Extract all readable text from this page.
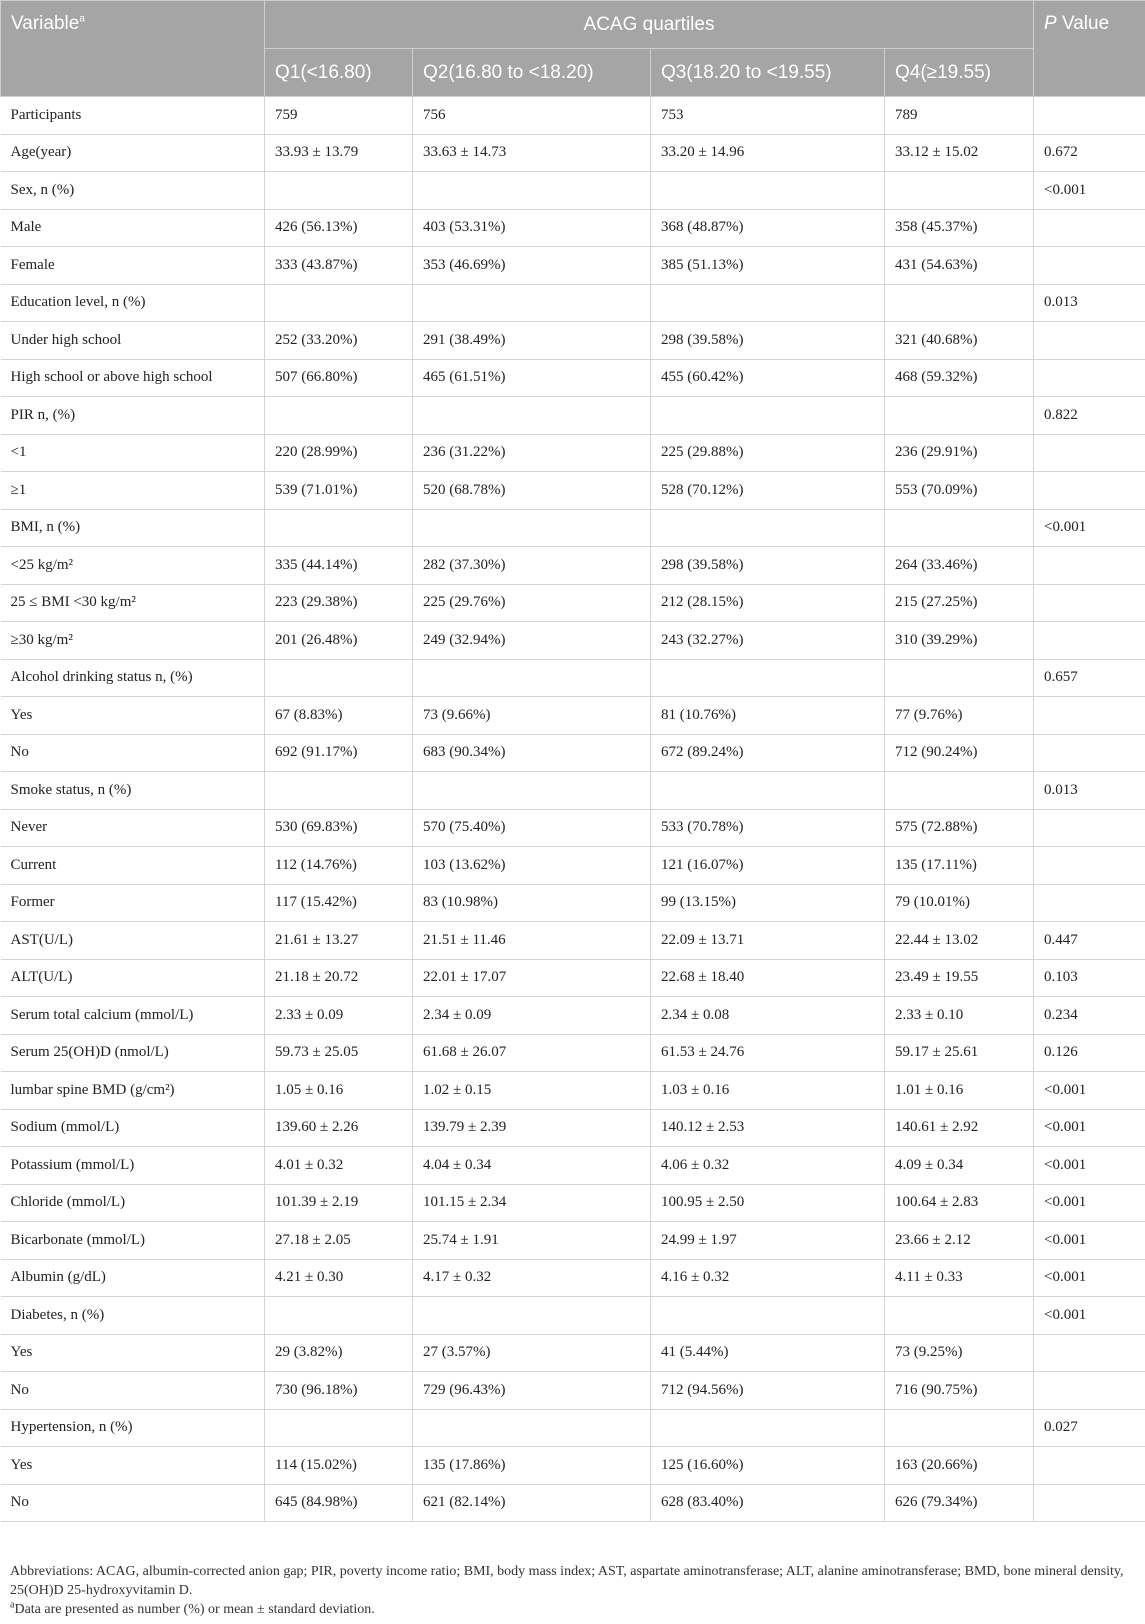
Variable$^a$	ACAG quartiles				P Value
	Q1(<16.80)	Q2(16.80 to <18.20)	Q3(18.20 to <19.55)	Q4(≥19.55)	
Participants	759	756	753	789	
Age(year)	33.93 ± 13.79	33.63 ± 14.73	33.20 ± 14.96	33.12 ± 15.02	0.672
Sex, n (%)					<0.001
Male	426 (56.13%)	403 (53.31%)	368 (48.87%)	358 (45.37%)	
Female	333 (43.87%)	353 (46.69%)	385 (51.13%)	431 (54.63%)	
Education level, n (%)					0.013
Under high school	252 (33.20%)	291 (38.49%)	298 (39.58%)	321 (40.68%)	
High school or above high school	507 (66.80%)	465 (61.51%)	455 (60.42%)	468 (59.32%)	
PIR n, (%)					0.822
<1	220 (28.99%)	236 (31.22%)	225 (29.88%)	236 (29.91%)	
≥1	539 (71.01%)	520 (68.78%)	528 (70.12%)	553 (70.09%)	
BMI, n (%)					<0.001
<25 kg/m²	335 (44.14%)	282 (37.30%)	298 (39.58%)	264 (33.46%)	
25 ≤ BMI <30 kg/m²	223 (29.38%)	225 (29.76%)	212 (28.15%)	215 (27.25%)	
≥30 kg/m²	201 (26.48%)	249 (32.94%)	243 (32.27%)	310 (39.29%)	
Alcohol drinking status n, (%)					0.657
Yes	67 (8.83%)	73 (9.66%)	81 (10.76%)	77 (9.76%)	
No	692 (91.17%)	683 (90.34%)	672 (89.24%)	712 (90.24%)	
Smoke status, n (%)					0.013
Never	530 (69.83%)	570 (75.40%)	533 (70.78%)	575 (72.88%)	
Current	112 (14.76%)	103 (13.62%)	121 (16.07%)	135 (17.11%)	
Former	117 (15.42%)	83 (10.98%)	99 (13.15%)	79 (10.01%)	
AST(U/L)	21.61 ± 13.27	21.51 ± 11.46	22.09 ± 13.71	22.44 ± 13.02	0.447
ALT(U/L)	21.18 ± 20.72	22.01 ± 17.07	22.68 ± 18.40	23.49 ± 19.55	0.103
Serum total calcium (mmol/L)	2.33 ± 0.09	2.34 ± 0.09	2.34 ± 0.08	2.33 ± 0.10	0.234
Serum 25(OH)D (nmol/L)	59.73 ± 25.05	61.68 ± 26.07	61.53 ± 24.76	59.17 ± 25.61	0.126
lumbar spine BMD (g/cm²)	1.05 ± 0.16	1.02 ± 0.15	1.03 ± 0.16	1.01 ± 0.16	<0.001
Sodium (mmol/L)	139.60 ± 2.26	139.79 ± 2.39	140.12 ± 2.53	140.61 ± 2.92	<0.001
Potassium (mmol/L)	4.01 ± 0.32	4.04 ± 0.34	4.06 ± 0.32	4.09 ± 0.34	<0.001
Chloride (mmol/L)	101.39 ± 2.19	101.15 ± 2.34	100.95 ± 2.50	100.64 ± 2.83	<0.001
Bicarbonate (mmol/L)	27.18 ± 2.05	25.74 ± 1.91	24.99 ± 1.97	23.66 ± 2.12	<0.001
Albumin (g/dL)	4.21 ± 0.30	4.17 ± 0.32	4.16 ± 0.32	4.11 ± 0.33	<0.001
Diabetes, n (%)					<0.001
Yes	29 (3.82%)	27 (3.57%)	41 (5.44%)	73 (9.25%)	
No	730 (96.18%)	729 (96.43%)	712 (94.56%)	716 (90.75%)	
Hypertension, n (%)					0.027
Yes	114 (15.02%)	135 (17.86%)	125 (16.60%)	163 (20.66%)	
No	645 (84.98%)	621 (82.14%)	628 (83.40%)	626 (79.34%)	

Abbreviations: ACAG, albumin-corrected anion gap; PIR, poverty income ratio; BMI, body mass index; AST, aspartate aminotransferase; ALT, alanine aminotransferase; BMD, bone mineral density, 25(OH)D 25-hydroxyvitamin D.

$^a$Data are presented as number (%) or mean ± standard deviation.
